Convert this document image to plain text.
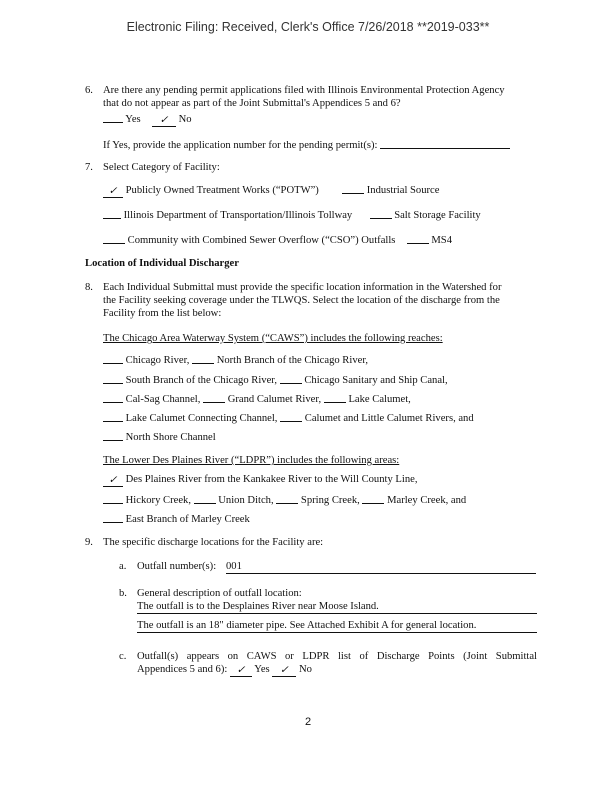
Electronic Filing: Received, Clerk's Office 7/26/2018 **2019-033**
6. Are there any pending permit applications filed with Illinois Environmental Protection Agency
that do not appear as part of the Joint Submittal's Appendices 5 and 6?
Yes ✓ No
If Yes, provide the application number for the pending permit(s):
7. Select Category of Facility:
✓ Publicly Owned Treatment Works (“POTW”)	Industrial Source
Illinois Department of Transportation/Illinois Tollway	Salt Storage Facility
Community with Combined Sewer Overflow (“CSO”) Outfalls	MS4
Location of Individual Discharger
8. Each Individual Submittal must provide the specific location information in the Watershed for
the Facility seeking coverage under the TLWQS. Select the location of the discharge from the
Facility from the list below:
The Chicago Area Waterway System (“CAWS”) includes the following reaches:
Chicago River,	North Branch of the Chicago River,
South Branch of the Chicago River,	Chicago Sanitary and Ship Canal,
Cal-Sag Channel,	Grand Calumet River,	Lake Calumet,
Lake Calumet Connecting Channel,	Calumet and Little Calumet Rivers, and
North Shore Channel
The Lower Des Plaines River (“LDPR”) includes the following areas:
✓ Des Plaines River from the Kankakee River to the Will County Line,
Hickory Creek,	Union Ditch,	Spring Creek,	Marley Creek, and
East Branch of Marley Creek
9. The specific discharge locations for the Facility are:
a. Outfall number(s): 001
b. General description of outfall location:
The outfall is to the Desplaines River near Moose Island.
The outfall is an 18" diameter pipe. See Attached Exhibit A for general location.
c. Outfall(s) appears on CAWS or LDPR list of Discharge Points (Joint Submittal
Appendices 5 and 6): ✓ Yes ✓ No
2
